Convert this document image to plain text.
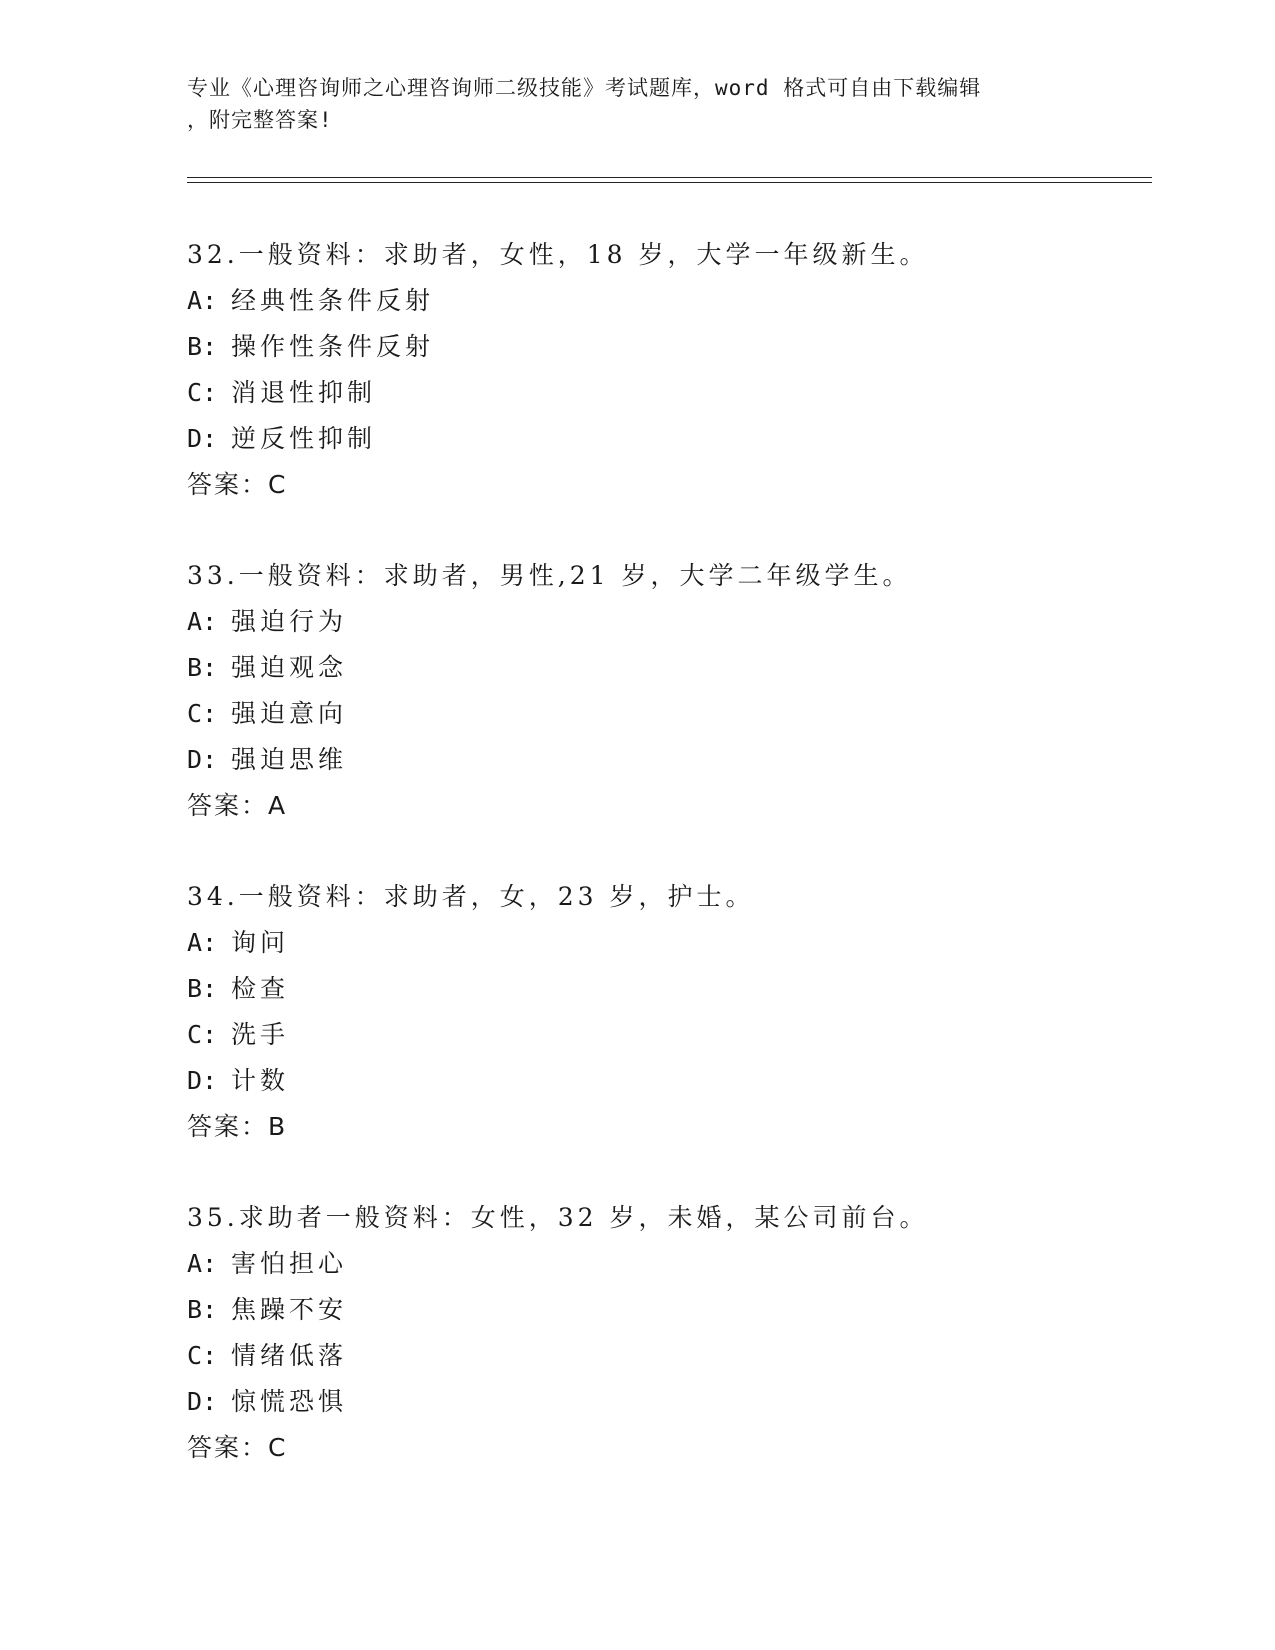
专业《心理咨询师之心理咨询师二级技能》考试题库，word 格式可自由下载编辑
，附完整答案!
32.一般资料：求助者，女性，18 岁，大学一年级新生。
A: 经典性条件反射
B: 操作性条件反射
C: 消退性抑制
D: 逆反性抑制
答案：C
33.一般资料：求助者，男性,21 岁，大学二年级学生。
A: 强迫行为
B: 强迫观念
C: 强迫意向
D: 强迫思维
答案：A
34.一般资料：求助者，女，23 岁，护士。
A: 询问
B: 检查
C: 洗手
D: 计数
答案：B
35.求助者一般资料：女性，32 岁，未婚，某公司前台。
A: 害怕担心
B: 焦躁不安
C: 情绪低落
D: 惊慌恐惧
答案：C
